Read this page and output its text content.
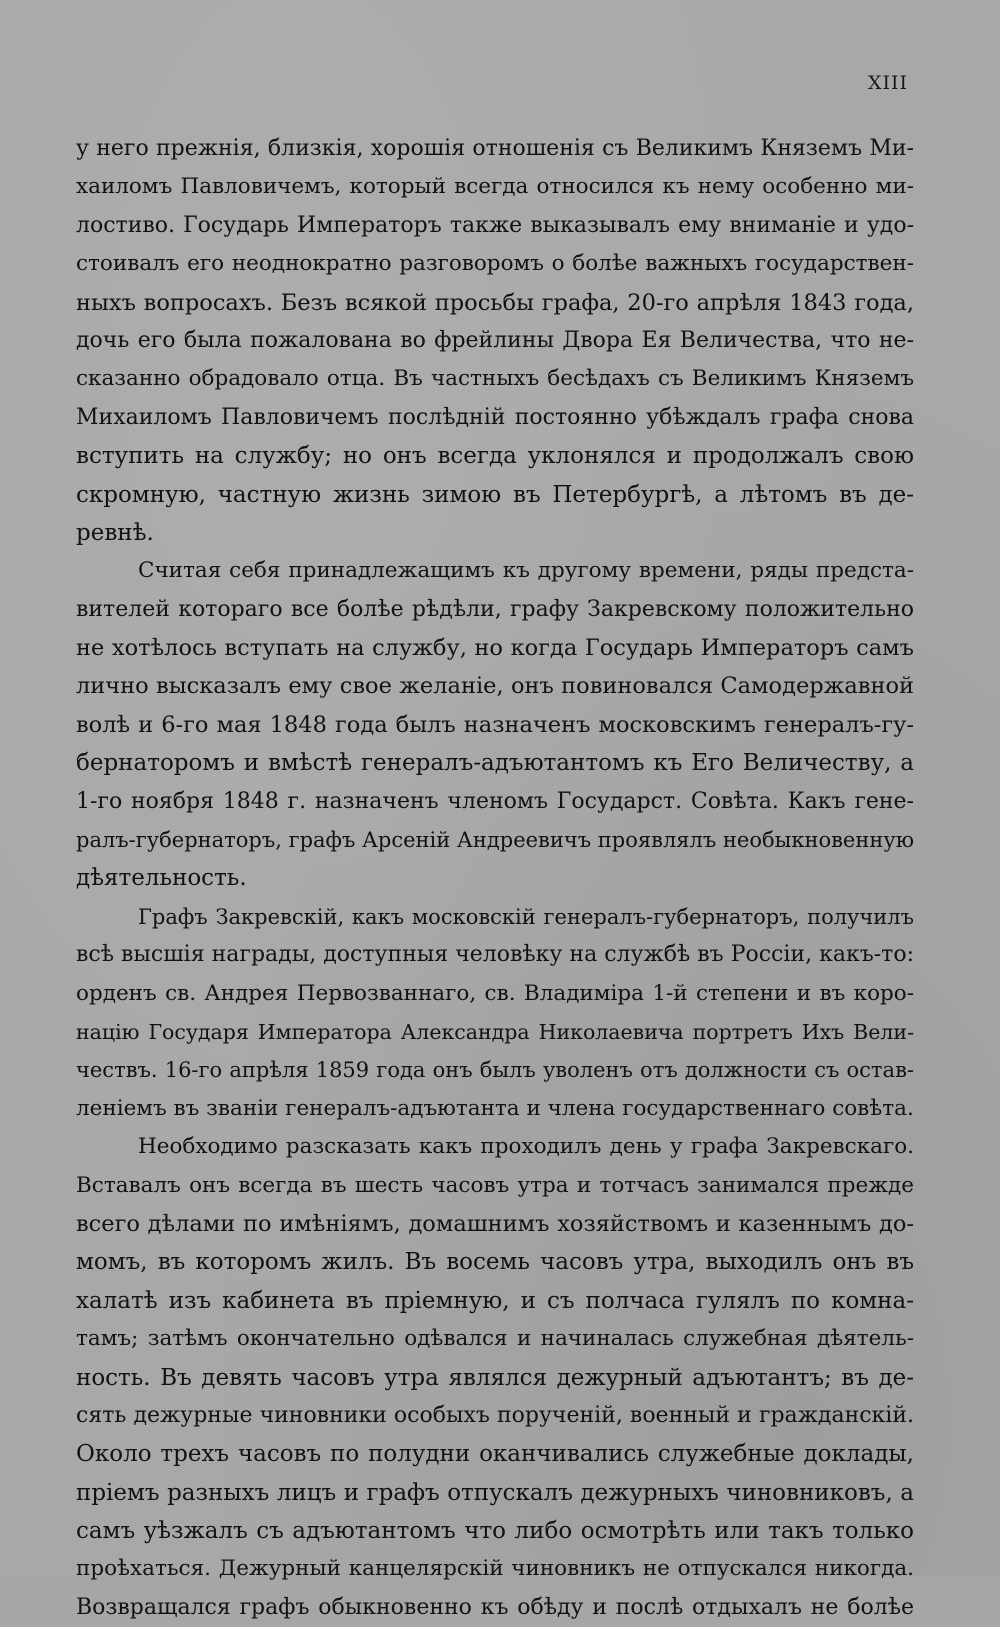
XIII
у него прежнія, близкія, хорошія отношенія съ Великимъ Княземъ Ми-
хаиломъ Павловичемъ, который всегда относился къ нему особенно ми-
лостиво. Государь Императоръ также выказывалъ ему вниманіе и удо-
стоивалъ его неоднократно разговоромъ о болѣе важныхъ государствен-
ныхъ вопросахъ. Безъ всякой просьбы графа, 20-го апрѣля 1843 года,
дочь его была пожалована во фрейлины Двора Ея Величества, что не-
сказанно обрадовало отца. Въ частныхъ бесѣдахъ съ Великимъ Княземъ
Михаиломъ Павловичемъ послѣдній постоянно убѣждалъ графа снова
вступить на службу; но онъ всегда уклонялся и продолжалъ свою
скромную, частную жизнь зимою въ Петербургѣ, а лѣтомъ въ де-
ревнѣ.
Считая себя принадлежащимъ къ другому времени, ряды предста-
вителей котораго все болѣе рѣдѣли, графу Закревскому положительно
не хотѣлось вступать на службу, но когда Государь Императоръ самъ
лично высказалъ ему свое желаніе, онъ повиновался Самодержавной
волѣ и 6-го мая 1848 года былъ назначенъ московскимъ генералъ-гу-
бернаторомъ и вмѣстѣ генералъ-адъютантомъ къ Его Величеству, а
1-го ноября 1848 г. назначенъ членомъ Государст. Совѣта. Какъ гене-
ралъ-губернаторъ, графъ Арсеній Андреевичъ проявлялъ необыкновенную
дѣятельность.
Графъ Закревскій, какъ московскій генералъ-губернаторъ, получилъ
всѣ высшія награды, доступныя человѣку на службѣ въ Россіи, какъ-то:
орденъ св. Андрея Первозваннаго, св. Владиміра 1-й степени и въ коро-
націю Государя Императора Александра Николаевича портретъ Ихъ Вели-
чествъ. 16-го апрѣля 1859 года онъ былъ уволенъ отъ должности съ остав-
леніемъ въ званіи генералъ-адъютанта и члена государственнаго совѣта.
Необходимо разсказать какъ проходилъ день у графа Закревскаго.
Вставалъ онъ всегда въ шесть часовъ утра и тотчасъ занимался прежде
всего дѣлами по имѣніямъ, домашнимъ хозяйствомъ и казеннымъ до-
момъ, въ которомъ жилъ. Въ восемь часовъ утра, выходилъ онъ въ
халатѣ изъ кабинета въ пріемную, и съ полчаса гулялъ по комна-
тамъ; затѣмъ окончательно одѣвался и начиналась служебная дѣятель-
ность. Въ девять часовъ утра являлся дежурный адъютантъ; въ де-
сять дежурные чиновники особыхъ порученій, военный и гражданскій.
Около трехъ часовъ по полудни оканчивались служебные доклады,
пріемъ разныхъ лицъ и графъ отпускалъ дежурныхъ чиновниковъ, а
самъ уѣзжалъ съ адъютантомъ что либо осмотрѣть или такъ только
проѣхаться. Дежурный канцелярскій чиновникъ не отпускался никогда.
Возвращался графъ обыкновенно къ обѣду и послѣ отдыхалъ не болѣе
